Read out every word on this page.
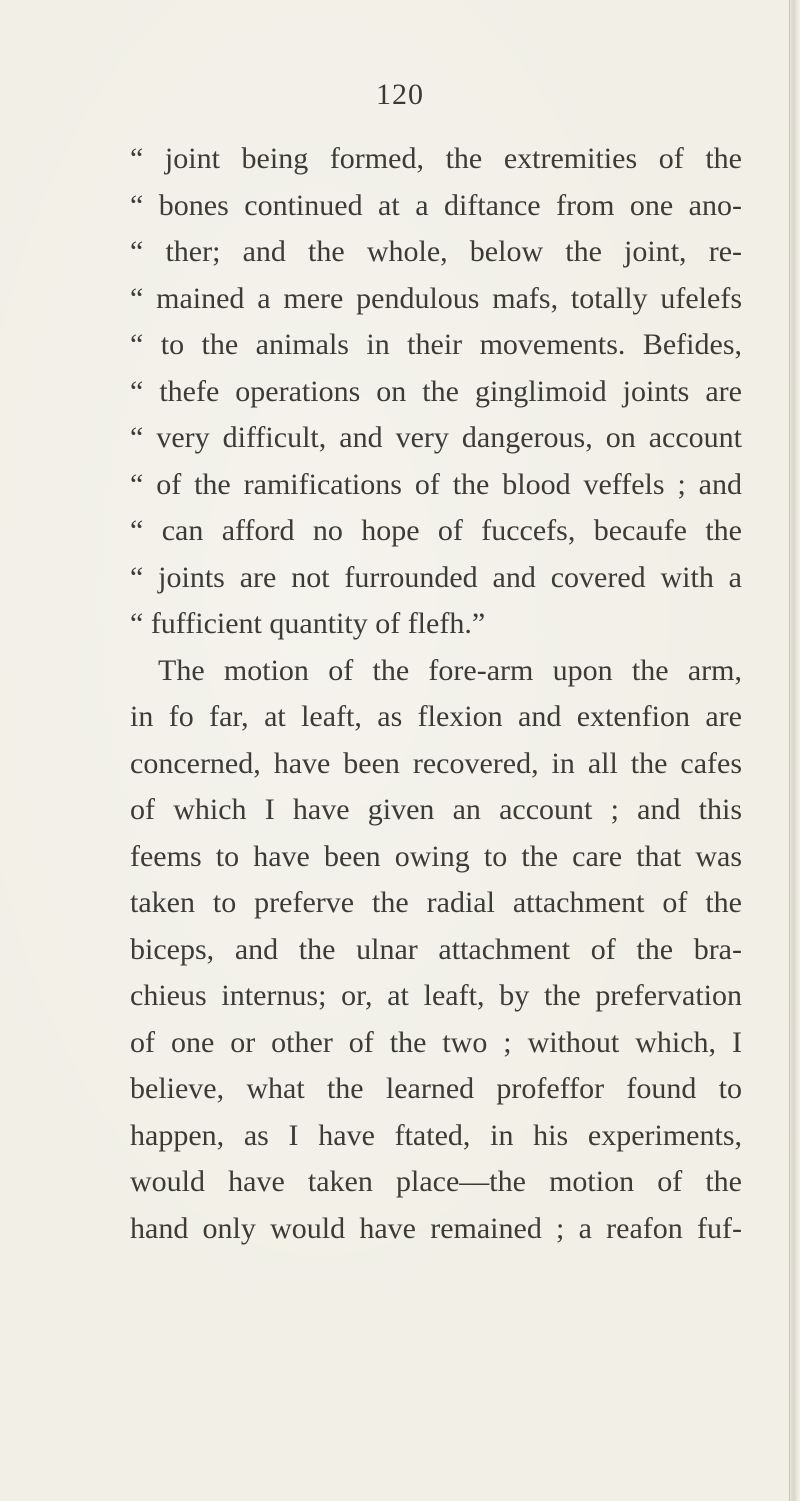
120
“ joint being formed, the extremities of the
“ bones continued at a diftance from one ano-
“ ther; and the whole, below the joint, re-
“ mained a mere pendulous mafs, totally ufelefs
“ to the animals in their movements. Befides,
“ thefe operations on the ginglimoid joints are
“ very difficult, and very dangerous, on account
“ of the ramifications of the blood veffels ; and
“ can afford no hope of fuccefs, becaufe the
“ joints are not furrounded and covered with a
“ fufficient quantity of flefh.”
The motion of the fore-arm upon the arm,
in fo far, at leaft, as flexion and extenfion are
concerned, have been recovered, in all the cafes
of which I have given an account ; and this
feems to have been owing to the care that was
taken to preferve the radial attachment of the
biceps, and the ulnar attachment of the bra-
chieus internus; or, at leaft, by the prefervation
of one or other of the two ; without which, I
believe, what the learned profeffor found to
happen, as I have ftated, in his experiments,
would have taken place—the motion of the
hand only would have remained ; a reafon fuf-
